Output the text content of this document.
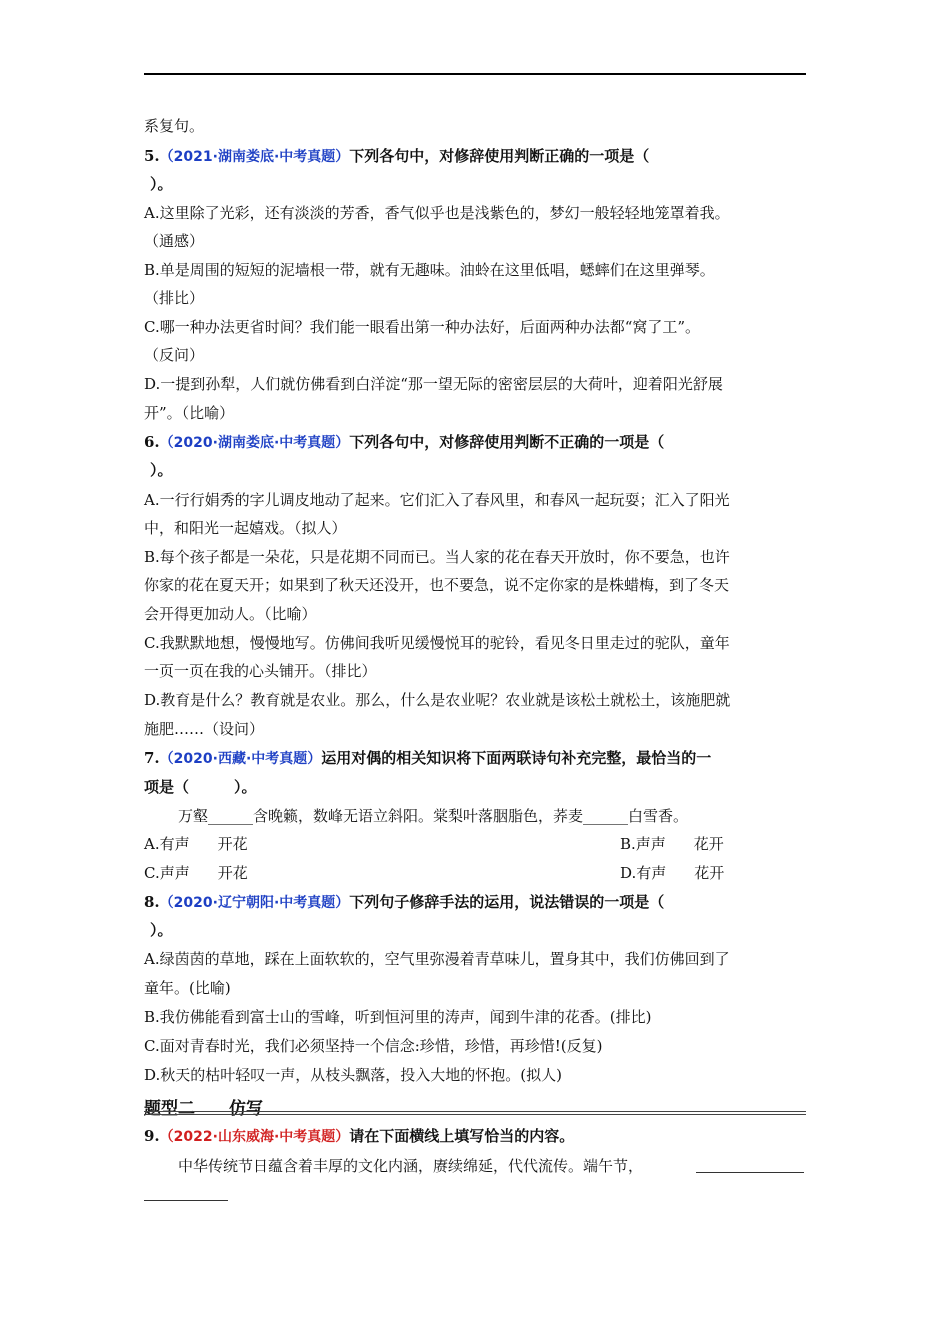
系复句。
5.（2021·湖南娄底·中考真题）下列各句中，对修辞使用判断正确的一项是（
）。
A.这里除了光彩，还有淡淡的芳香，香气似乎也是浅紫色的，梦幻一般轻轻地笼罩着我。
（通感）
B.单是周围的短短的泥墙根一带，就有无趣味。油蛉在这里低唱，蟋蟀们在这里弹琴。
（排比）
C.哪一种办法更省时间？我们能一眼看出第一种办法好，后面两种办法都“窝了工”。
（反问）
D.一提到孙犁，人们就仿佛看到白洋淀“那一望无际的密密层层的大荷叶，迎着阳光舒展
开”。（比喻）
6.（2020·湖南娄底·中考真题）下列各句中，对修辞使用判断不正确的一项是（
）。
A.一行行娟秀的字儿调皮地动了起来。它们汇入了春风里，和春风一起玩耍；汇入了阳光
中，和阳光一起嬉戏。（拟人）
B.每个孩子都是一朵花，只是花期不同而已。当人家的花在春天开放时，你不要急，也许
你家的花在夏天开；如果到了秋天还没开，也不要急，说不定你家的是株蜡梅，到了冬天
会开得更加动人。（比喻）
C.我默默地想，慢慢地写。仿佛间我听见缓慢悦耳的驼铃，看见冬日里走过的驼队，童年
一页一页在我的心头铺开。（排比）
D.教育是什么？教育就是农业。那么，什么是农业呢？农业就是该松土就松土，该施肥就
施肥……（设问）
7.（2020·西藏·中考真题）运用对偶的相关知识将下面两联诗句补充完整，最恰当的一
项是（　　　）。
万壑______含晚籁，数峰无语立斜阳。棠梨叶落胭脂色，荞麦______白雪香。
A.有声 开花	B.声声 花开
C.声声 开花	D.有声 花开
8.（2020·辽宁朝阳·中考真题）下列句子修辞手法的运用，说法错误的一项是（
）。
A.绿茵茵的草地，踩在上面软软的，空气里弥漫着青草味儿，置身其中，我们仿佛回到了
童年。(比喻)
B.我仿佛能看到富士山的雪峰，听到恒河里的涛声，闻到牛津的花香。(排比)
C.面对青春时光，我们必须坚持一个信念:珍惜，珍惜，再珍惜!(反复)
D.秋天的枯叶轻叹一声，从枝头飘落，投入大地的怀抱。(拟人)
题型二 仿写
9.（2022·山东威海·中考真题）请在下面横线上填写恰当的内容。
中华传统节日蕴含着丰厚的文化内涵，赓续绵延，代代流传。端午节，
